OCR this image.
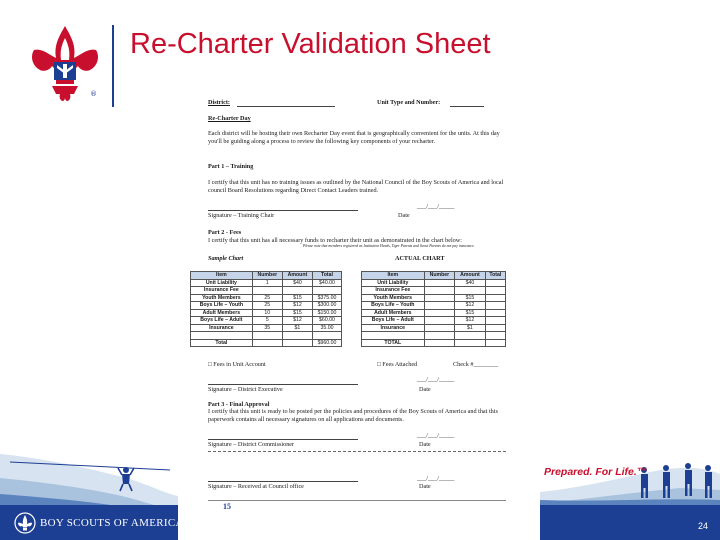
®
Re-Charter Validation Sheet
District:	Unit Type and Number:
Re-Charter Day
Each district will be hosting their own Recharter Day event that is geographically convenient for the units. At this day you'll be guiding along a process to review the following key components of your recharter.
Part 1 – Training
I certify that this unit has no training issues as outlined by the National Council of the Boy Scouts of America and local council Board Resolutions regarding Direct Contact Leaders trained.
___/___/_____
Signature – Training Chair	Date
Part 2 - Fees
I certify that this unit has all necessary funds to recharter their unit as demonstrated in the chart below:
Please note that members registered as Institution Heads, Tiger Parents and Scout Parents do not pay insurance.
Sample Chart	ACTUAL CHART
Item	Number	Amount	Total
Unit Liability	1	$40	$40.00
Insurance Fee			
Youth Members	25	$15	$375.00
Boys Life – Youth	25	$12	$300.00
Adult Members	10	$15	$150.00
Boys Life – Adult	5	$12	$60.00
Insurance	35	$1	35.00

Total			$960.00
Item	Number	Amount	Total
Unit Liability		$40	
Insurance Fee			
Youth Members		$15	
Boys Life – Youth		$12	
Adult Members		$15	
Boys Life – Adult		$12	
Insurance		$1	

TOTAL			
□ Fees in Unit Account	□ Fees Attached	Check #________
___/___/_____
Signature – District Executive	Date
Part 3 - Final Approval
I certify that this unit is ready to be posted per the policies and procedures of the Boy Scouts of America and that this paperwork contains all necessary signatures on all applications and documents.
___/___/_____
Signature – District Commissioner	Date
___/___/_____
Signature – Received at Council office	Date
15
Prepared. For Life.™
BOY SCOUTS OF AMERICA	24
